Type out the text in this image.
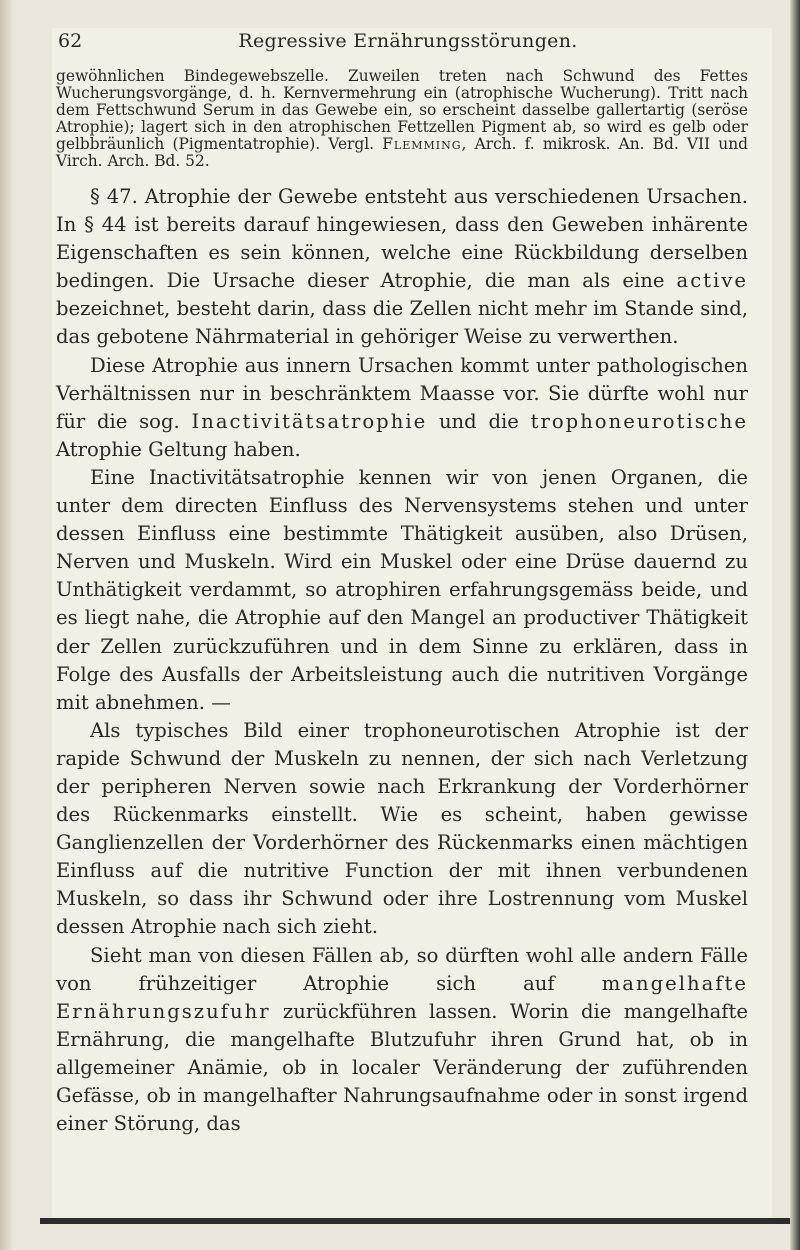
62	Regressive Ernährungsstörungen.
gewöhnlichen Bindegewebszelle. Zuweilen treten nach Schwund des Fettes Wucherungsvorgänge, d. h. Kernvermehrung ein (atrophische Wucherung). Tritt nach dem Fettschwund Serum in das Gewebe ein, so erscheint dasselbe gallertartig (seröse Atrophie); lagert sich in den atrophischen Fettzellen Pigment ab, so wird es gelb oder gelbbräunlich (Pigmentatrophie). Vergl. Flemming, Arch. f. mikrosk. An. Bd. VII und Virch. Arch. Bd. 52.

§ 47. Atrophie der Gewebe entsteht aus verschiedenen Ursachen. In § 44 ist bereits darauf hingewiesen, dass den Geweben inhärente Eigenschaften es sein können, welche eine Rückbildung derselben bedingen. Die Ursache dieser Atrophie, die man als eine active bezeichnet, besteht darin, dass die Zellen nicht mehr im Stande sind, das gebotene Nährmaterial in gehöriger Weise zu verwerthen.

Diese Atrophie aus innern Ursachen kommt unter pathologischen Verhältnissen nur in beschränktem Maasse vor. Sie dürfte wohl nur für die sog. Inactivitätsatrophie und die trophoneurotische Atrophie Geltung haben.

Eine Inactivitätsatrophie kennen wir von jenen Organen, die unter dem directen Einfluss des Nervensystems stehen und unter dessen Einfluss eine bestimmte Thätigkeit ausüben, also Drüsen, Nerven und Muskeln. Wird ein Muskel oder eine Drüse dauernd zu Unthätigkeit verdammt, so atrophiren erfahrungsgemäss beide, und es liegt nahe, die Atrophie auf den Mangel an productiver Thätigkeit der Zellen zurückzuführen und in dem Sinne zu erklären, dass in Folge des Ausfalls der Arbeitsleistung auch die nutritiven Vorgänge mit abnehmen. —

Als typisches Bild einer trophoneurotischen Atrophie ist der rapide Schwund der Muskeln zu nennen, der sich nach Verletzung der peripheren Nerven sowie nach Erkrankung der Vorderhörner des Rückenmarks einstellt. Wie es scheint, haben gewisse Ganglienzellen der Vorderhörner des Rückenmarks einen mächtigen Einfluss auf die nutritive Function der mit ihnen verbundenen Muskeln, so dass ihr Schwund oder ihre Lostrennung vom Muskel dessen Atrophie nach sich zieht.

Sieht man von diesen Fällen ab, so dürften wohl alle andern Fälle von frühzeitiger Atrophie sich auf mangelhafte Ernährungszufuhr zurückführen lassen. Worin die mangelhafte Ernährung, die mangelhafte Blutzufuhr ihren Grund hat, ob in allgemeiner Anämie, ob in localer Veränderung der zuführenden Gefässe, ob in mangelhafter Nahrungsaufnahme oder in sonst irgend einer Störung, das
